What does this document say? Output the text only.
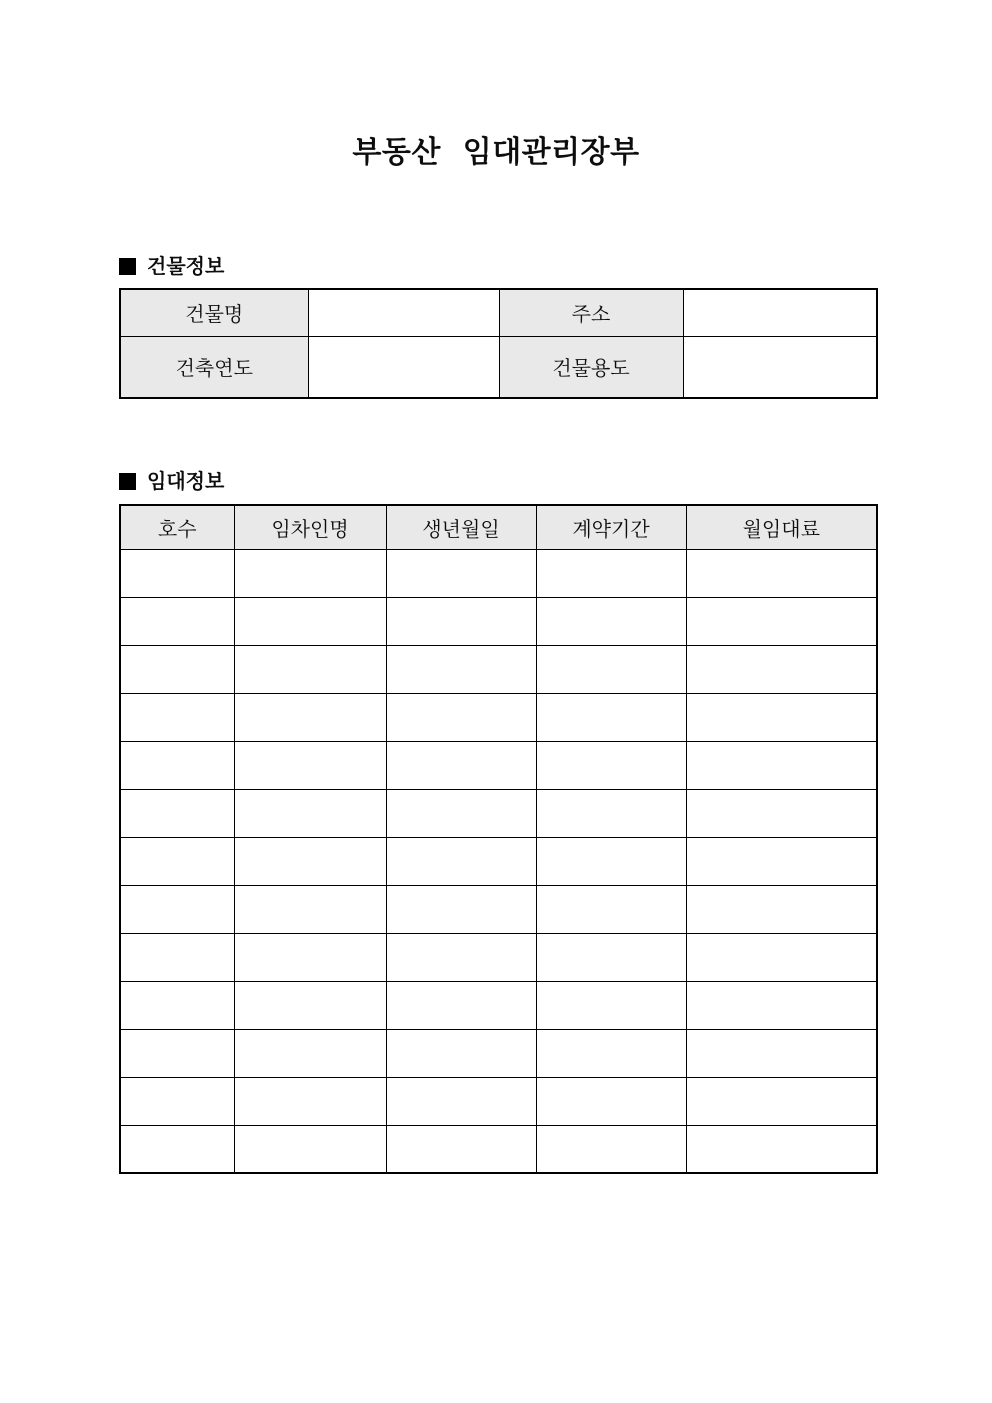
부동산  임대관리장부
건물정보
건물명		주소	
건축연도		건물용도	
임대정보
호수	임차인명	생년월일	계약기간	월임대료
